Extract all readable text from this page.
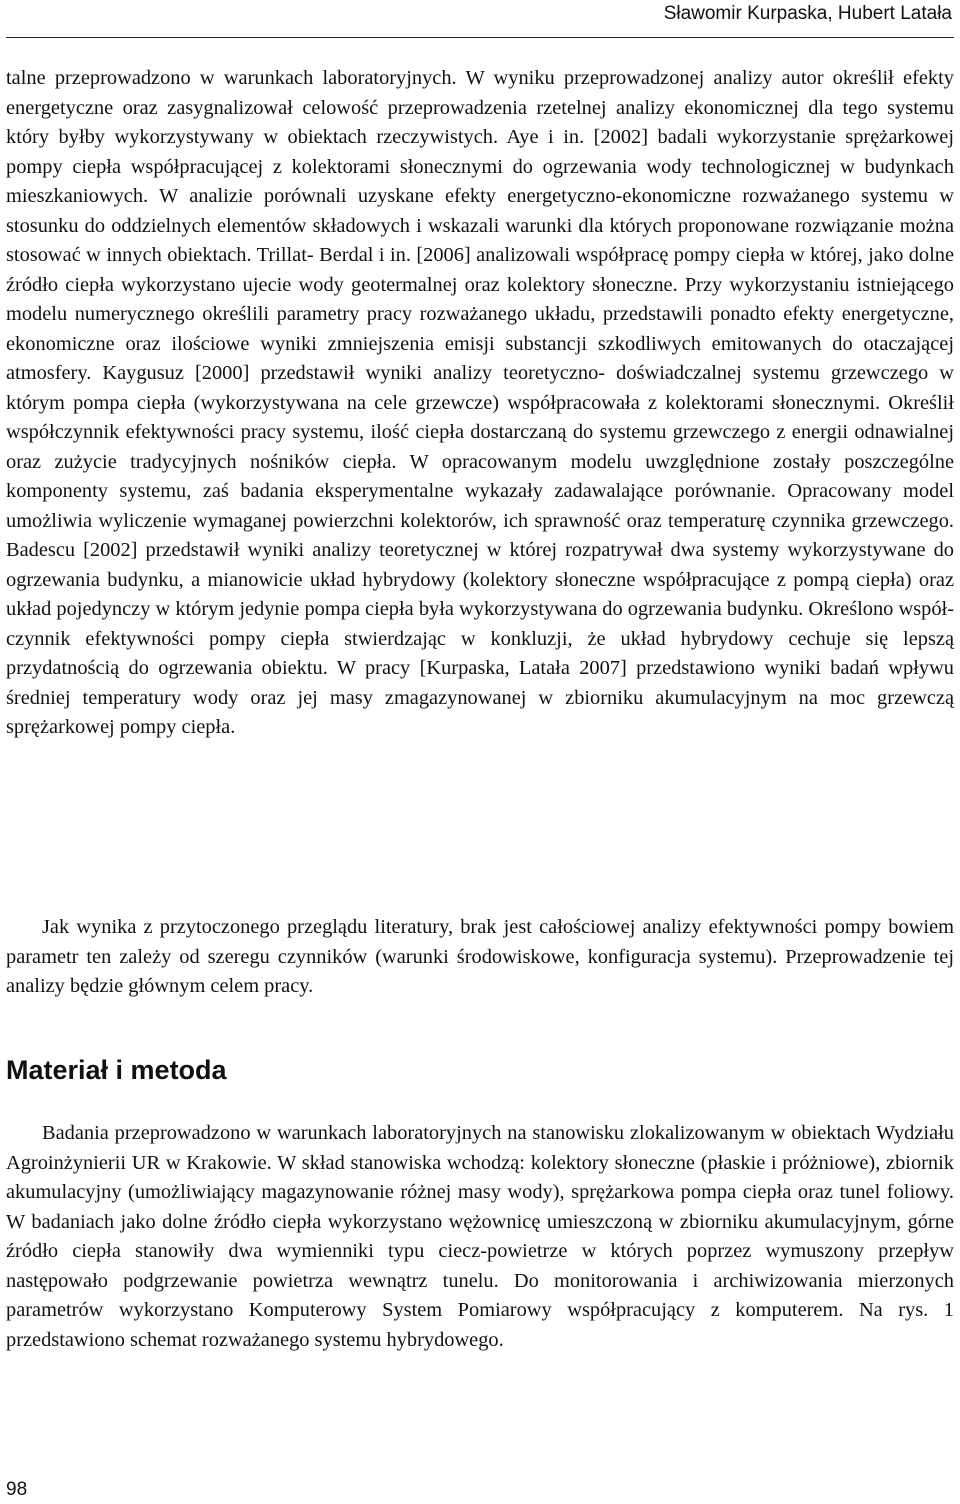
Sławomir Kurpaska, Hubert Latała

talne przeprowadzono w warunkach laboratoryjnych. W wyniku przeprowadzonej analizy autor określił efekty energetyczne oraz zasygnalizował celowość przeprowadzenia rzetelnej analizy ekonomicznej dla tego systemu który byłby wykorzystywany w obiektach rzeczywistych. Aye i in. [2002] badali wykorzystanie sprężarkowej pompy ciepła współpracującej z kolektorami słonecznymi do ogrzewania wody technologicznej w budynkach mieszkaniowych. W analizie porównali uzyskane efekty energetyczno-ekonomiczne rozważanego systemu w stosunku do oddzielnych elementów składowych i wskazali warunki dla których proponowane rozwiązanie można stosować w innych obiektach. Trillat- Berdal i in. [2006] analizowali współpracę pompy ciepła w której, jako dolne źródło ciepła wykorzystano ujecie wody geotermalnej oraz kolektory słoneczne. Przy wykorzystaniu istniejącego modelu numerycznego określili parametry pracy rozważanego układu, przedstawili ponadto efekty energetyczne, ekonomiczne oraz ilościowe wyniki zmniejszenia emisji substancji szkodliwych emitowanych do otaczającej atmosfery. Kaygusuz [2000] przedstawił wyniki analizy teoretyczno- doświadczalnej systemu grzewczego w którym pompa ciepła (wykorzystywana na cele grzewcze) współpracowała z kolektorami słonecznymi. Określił współczynnik efektywności pracy systemu, ilość ciepła dostarczaną do systemu grzewczego z energii odnawialnej oraz zużycie tradycyjnych nośników ciepła. W opracowanym modelu uwzględnione zostały poszczególne komponenty systemu, zaś badania eksperymentalne wykazały zadawalające porównanie. Opracowany model umożliwia wyliczenie wymaganej powierzchni kolektorów, ich sprawność oraz temperaturę czynnika grzewczego. Badescu [2002] przedstawił wyniki analizy teoretycznej w której rozpatrywał dwa systemy wykorzystywane do ogrzewania budynku, a mianowicie układ hybrydowy (kolektory słoneczne współpracujące z pompą ciepła) oraz układ pojedynczy w którym jedynie pompa ciepła była wykorzystywana do ogrzewania budynku. Określono współczynnik efektywności pompy ciepła stwierdzając w konkluzji, że układ hybrydowy cechuje się lepszą przydatnością do ogrzewania obiektu. W pracy [Kurpaska, Latała 2007] przedstawiono wyniki badań wpływu średniej temperatury wody oraz jej masy zmagazynowanej w zbiorniku akumulacyjnym na moc grzewczą sprężarkowej pompy ciepła.

Jak wynika z przytoczonego przeglądu literatury, brak jest całościowej analizy efektywności pompy bowiem parametr ten zależy od szeregu czynników (warunki środowiskowe, konfiguracja systemu). Przeprowadzenie tej analizy będzie głównym celem pracy.

Materiał i metoda

Badania przeprowadzono w warunkach laboratoryjnych na stanowisku zlokalizowanym w obiektach Wydziału Agroinżynierii UR w Krakowie. W skład stanowiska wchodzą: kolektory słoneczne (płaskie i próżniowe), zbiornik akumulacyjny (umożliwiający magazynowanie różnej masy wody), sprężarkowa pompa ciepła oraz tunel foliowy. W badaniach jako dolne źródło ciepła wykorzystano wężownicę umieszczoną w zbiorniku akumulacyjnym, górne źródło ciepła stanowiły dwa wymienniki typu ciecz-powietrze w których poprzez wymuszony przepływ następowało podgrzewanie powietrza wewnątrz tunelu. Do monitorowania i archiwizowania mierzonych parametrów wykorzystano Komputerowy System Pomiarowy współpracujący z komputerem. Na rys. 1 przedstawiono schemat rozważanego systemu hybrydowego.

98
